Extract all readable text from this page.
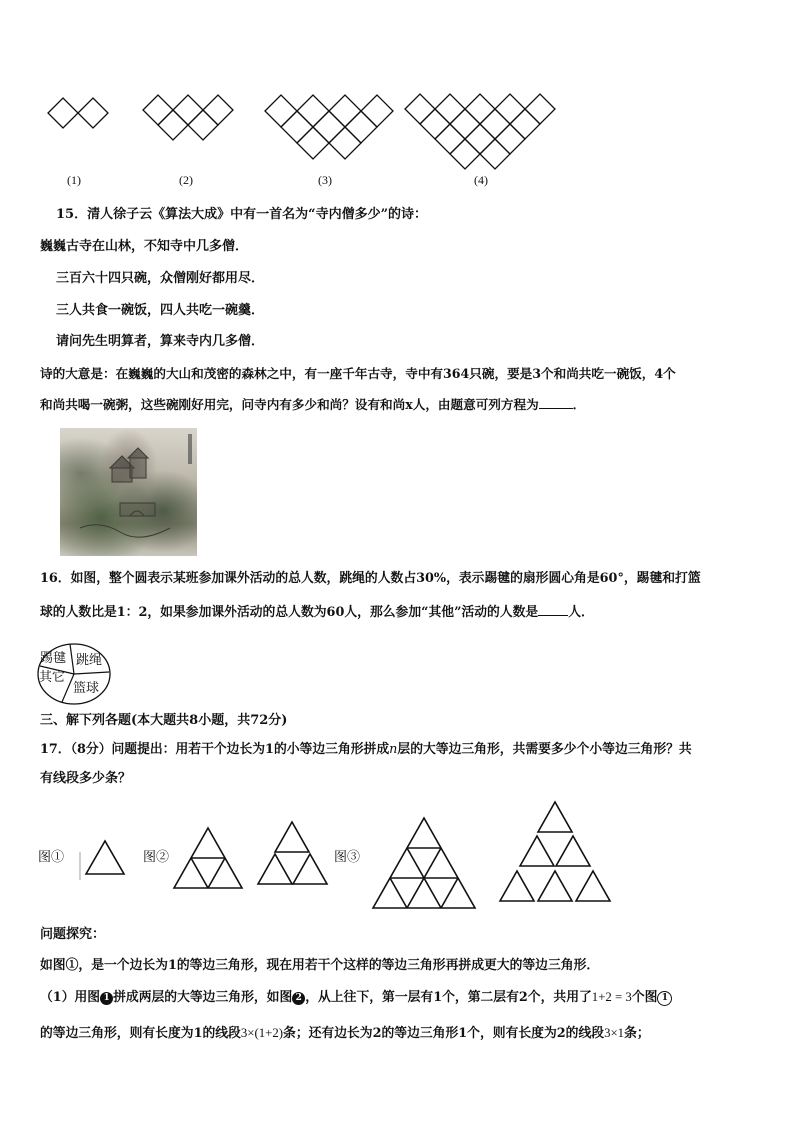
(1)	(2)	(3)	(4)
15．清人徐子云《算法大成》中有一首名为“寺内僧多少”的诗：
巍巍古寺在山林，不知寺中几多僧．
三百六十四只碗，众僧刚好都用尽．
三人共食一碗饭，四人共吃一碗羹．
请问先生明算者，算来寺内几多僧．
诗的大意是：在巍巍的大山和茂密的森林之中，有一座千年古寺，寺中有364只碗，要是3个和尚共吃一碗饭，4个
和尚共喝一碗粥，这些碗刚好用完，问寺内有多少和尚？设有和尚x人，由题意可列方程为	．
16．如图，整个圆表示某班参加课外活动的总人数，跳绳的人数占30%，表示踢毽的扇形圆心角是60°，踢毽和打篮
球的人数比是1：2，如果参加课外活动的总人数为60人，那么参加“其他”活动的人数是 人．
踢毽 跳绳
其它
篮球
三、解下列各题(本大题共8小题，共72分)
17．（8分）问题提出：用若干个边长为1的小等边三角形拼成n层的大等边三角形，共需要多少个小等边三角形？共
有线段多少条？
图①	图②	图③
问题探究：
如图①，是一个边长为1的等边三角形，现在用若干个这样的等边三角形再拼成更大的等边三角形．
（1）用图 1 拼成两层的大等边三角形，如图 2 ，从上往下，第一层有1个，第二层有2个，共用了1+2 = 3个图 1
的等边三角形，则有长度为1的线段3×(1+2)条；还有边长为2的等边三角形1个，则有长度为2的线段3×1条；
